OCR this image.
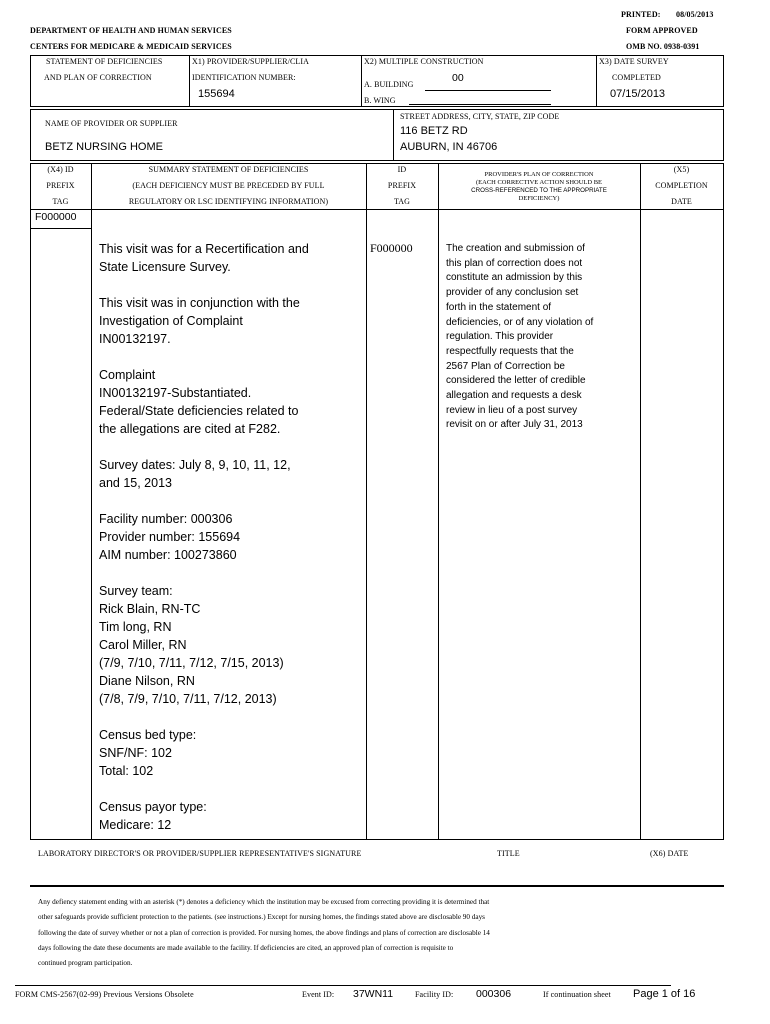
PRINTED: 08/05/2013
DEPARTMENT OF HEALTH AND HUMAN SERVICES	FORM APPROVED
CENTERS FOR MEDICARE & MEDICAID SERVICES	OMB NO. 0938-0391
STATEMENT OF DEFICIENCIES
AND PLAN OF CORRECTION
X1) PROVIDER/SUPPLIER/CLIA
IDENTIFICATION NUMBER:
155694
X2) MULTIPLE CONSTRUCTION
A. BUILDING
00
B. WING
X3) DATE SURVEY
COMPLETED
07/15/2013
NAME OF PROVIDER OR SUPPLIER
BETZ NURSING HOME
STREET ADDRESS, CITY, STATE, ZIP CODE
116 BETZ RD
AUBURN, IN 46706
(X4) ID
PREFIX
TAG
SUMMARY STATEMENT OF DEFICIENCIES
(EACH DEFICIENCY MUST BE PRECEDED BY FULL
REGULATORY OR LSC IDENTIFYING INFORMATION)
ID
PREFIX
TAG
PROVIDER'S PLAN OF CORRECTION
(EACH CORRECTIVE ACTION SHOULD BE
CROSS-REFERENCED TO THE APPROPRIATE
DEFICIENCY)
(X5)
COMPLETION
DATE
F000000
This visit was for a Recertification and
State Licensure Survey.

This visit was in conjunction with the
Investigation of Complaint
IN00132197.

Complaint
IN00132197-Substantiated.
Federal/State deficiencies related to
the allegations are cited at F282.

Survey dates: July 8, 9, 10, 11, 12,
and 15, 2013

Facility number: 000306
Provider number: 155694
AIM number: 100273860

Survey team:
Rick Blain, RN-TC
Tim long, RN
Carol Miller, RN
(7/9, 7/10, 7/11, 7/12, 7/15, 2013)
Diane Nilson, RN
(7/8, 7/9, 7/10, 7/11, 7/12, 2013)

Census bed type:
SNF/NF: 102
Total: 102

Census payor type:
Medicare: 12
F000000	The creation and submission of
this plan of correction does not
constitute an admission by this
provider of any conclusion set
forth in the statement of
deficiencies, or of any violation of
regulation. This provider
respectfully requests that the
2567 Plan of Correction be
considered the letter of credible
allegation and requests a desk
review in lieu of a post survey
revisit on or after July 31, 2013
LABORATORY DIRECTOR'S OR PROVIDER/SUPPLIER REPRESENTATIVE'S SIGNATURE	TITLE	(X6) DATE

Any defiency statement ending with an asterisk (*) denotes a deficiency which the institution may be excused from correcting providing it is determined that

other safeguards provide sufficient protection to the patients. (see instructions.) Except for nursing homes, the findings stated above are disclosable 90 days

following the date of survey whether or not a plan of correction is provided. For nursing homes, the above findings and plans of correction are disclosable 14

days following the date these documents are made available to the facility. If deficiencies are cited, an approved plan of correction is requisite to

continued program participation.

FORM CMS-2567(02-99) Previous Versions Obsolete	Event ID: 37WN11	Facility ID: 000306	If continuation sheet Page 1 of 16
